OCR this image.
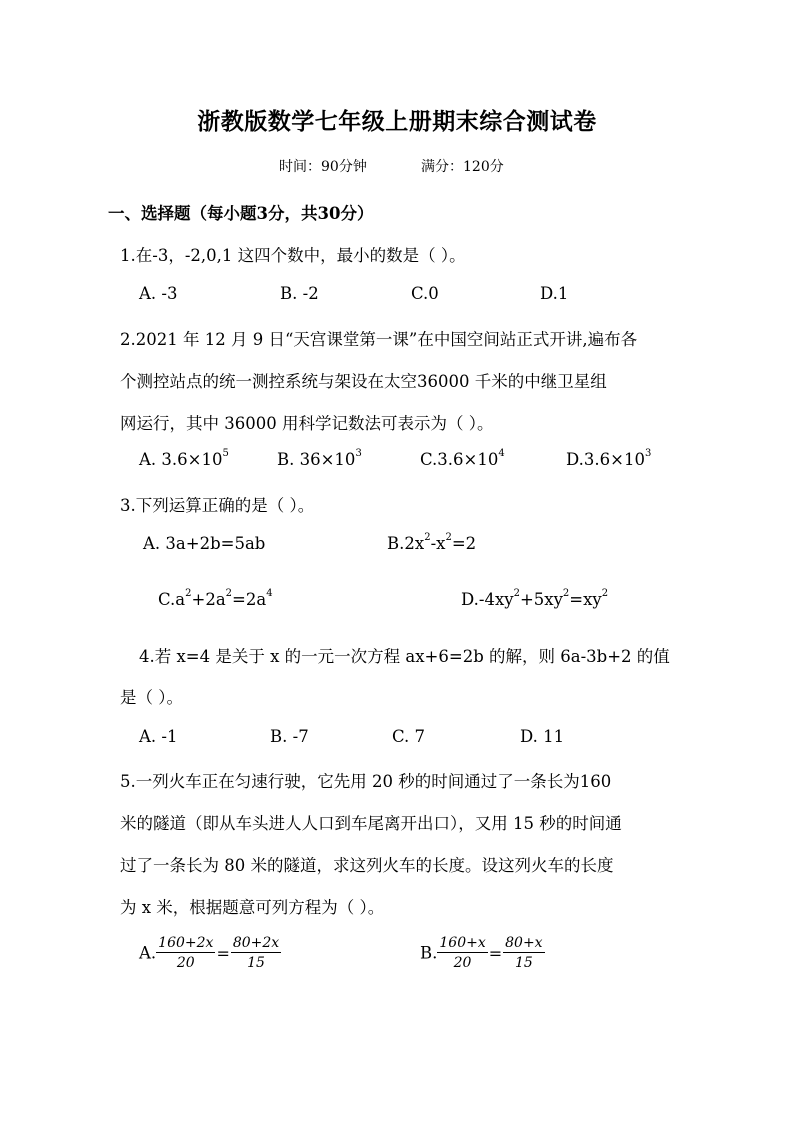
浙教版数学七年级上册期末综合测试卷
时间：90分钟	满分：120分
一、选择题（每小题3分，共30分）
1.在-3，-2,0,1 这四个数中，最小的数是（ ）。
A. -3	B. -2	C.0	D.1
2.2021 年 12 月 9 日“天宫课堂第一课”在中国空间站正式开讲,遍布各
个测控站点的统一测控系统与架设在太空36000 千米的中继卫星组
网运行，其中 36000 用科学记数法可表示为（ ）。
A. $3.6\times 10^5$	B. $36\times 10^3$	$C.3.6\times 10^4$	$D.3.6\times 10^3$
3.下列运算正确的是（ ）。
A. 3a+2b=5ab	$B.2x^2-x^2=2$
$C.a^2+2a^2=2a^4$	$D.-4xy^2+5xy^2=xy^2$
4.若 x=4 是关于 x 的一元一次方程 ax+6=2b 的解，则 6a-3b+2 的值
是（ ）。
A. -1	B. -7	C. 7	D. 11
5.一列火车正在匀速行驶，它先用 20 秒的时间通过了一条长为160
米的隧道（即从车头进人人口到车尾离开出口），又用 15 秒的时间通
过了一条长为 80 米的隧道，求这列火车的长度。设这列火车的长度
为 x 米，根据题意可列方程为（ ）。
A. $\frac{160+2x}{20} = \frac{80+2x}{15}$	B. $\frac{160+x}{20} = \frac{80+x}{15}$
